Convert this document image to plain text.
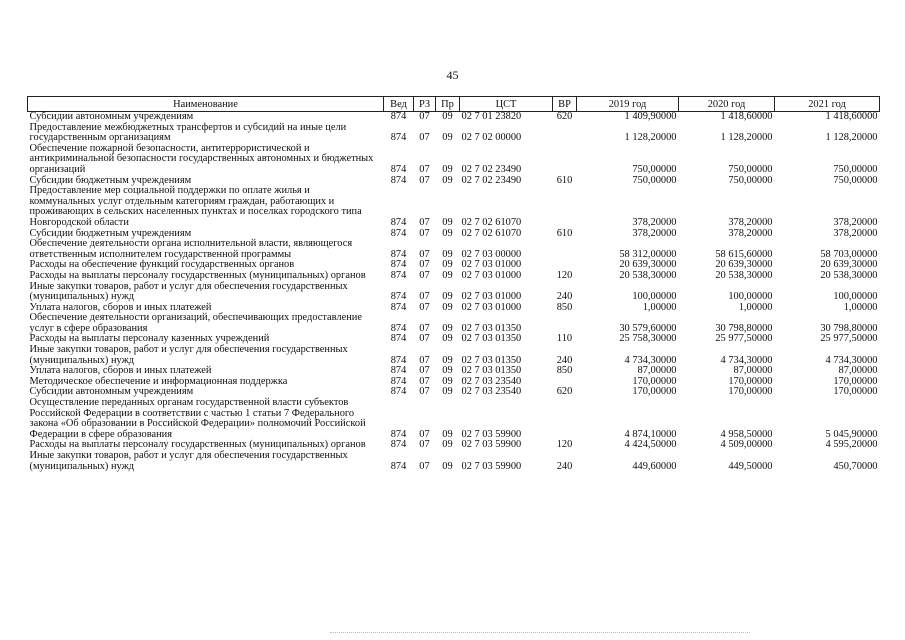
45
Наименование	Вед	РЗ	Пр	ЦСТ	ВР	2019 год	2020 год	2021 год
Субсидии автономным учреждениям	874	07	09	02 7 01 23820	620	1 409,90000	1 418,60000	1 418,60000
Предоставление межбюджетных трансфертов и субсидий на иные цели государственным организациям	874	07	09	02 7 02 00000		1 128,20000	1 128,20000	1 128,20000
Обеспечение пожарной безопасности, антитеррористической и антикриминальной безопасности государственных автономных и бюджетных организаций	874	07	09	02 7 02 23490		750,00000	750,00000	750,00000
Субсидии бюджетным учреждениям	874	07	09	02 7 02 23490	610	750,00000	750,00000	750,00000
Предоставление мер социальной поддержки по оплате жилья и коммунальных услуг отдельным категориям граждан, работающих и проживающих в сельских населенных пунктах и поселках городского типа Новгородской области	874	07	09	02 7 02 61070		378,20000	378,20000	378,20000
Субсидии бюджетным учреждениям	874	07	09	02 7 02 61070	610	378,20000	378,20000	378,20000
Обеспечение деятельности органа исполнительной власти, являющегося ответственным исполнителем государственной программы	874	07	09	02 7 03 00000		58 312,00000	58 615,60000	58 703,00000
Расходы на обеспечение функций государственных органов	874	07	09	02 7 03 01000		20 639,30000	20 639,30000	20 639,30000
Расходы на выплаты персоналу государственных (муниципальных) органов	874	07	09	02 7 03 01000	120	20 538,30000	20 538,30000	20 538,30000
Иные закупки товаров, работ и услуг для обеспечения государственных (муниципальных) нужд	874	07	09	02 7 03 01000	240	100,00000	100,00000	100,00000
Уплата налогов, сборов и иных платежей	874	07	09	02 7 03 01000	850	1,00000	1,00000	1,00000
Обеспечение деятельности организаций, обеспечивающих предоставление услуг в сфере образования	874	07	09	02 7 03 01350		30 579,60000	30 798,80000	30 798,80000
Расходы на выплаты персоналу казенных учреждений	874	07	09	02 7 03 01350	110	25 758,30000	25 977,50000	25 977,50000
Иные закупки товаров, работ и услуг для обеспечения государственных (муниципальных) нужд	874	07	09	02 7 03 01350	240	4 734,30000	4 734,30000	4 734,30000
Уплата налогов, сборов и иных платежей	874	07	09	02 7 03 01350	850	87,00000	87,00000	87,00000
Методическое обеспечение и информационная поддержка	874	07	09	02 7 03 23540		170,00000	170,00000	170,00000
Субсидии автономным учреждениям	874	07	09	02 7 03 23540	620	170,00000	170,00000	170,00000
Осуществление переданных органам государственной власти субъектов Российской Федерации в соответствии с частью 1 статьи 7 Федерального закона «Об образовании в Российской Федерации» полномочий Российской Федерации в сфере образования	874	07	09	02 7 03 59900		4 874,10000	4 958,50000	5 045,90000
Расходы на выплаты персоналу государственных (муниципальных) органов	874	07	09	02 7 03 59900	120	4 424,50000	4 509,00000	4 595,20000
Иные закупки товаров, работ и услуг для обеспечения государственных (муниципальных) нужд	874	07	09	02 7 03 59900	240	449,60000	449,50000	450,70000
